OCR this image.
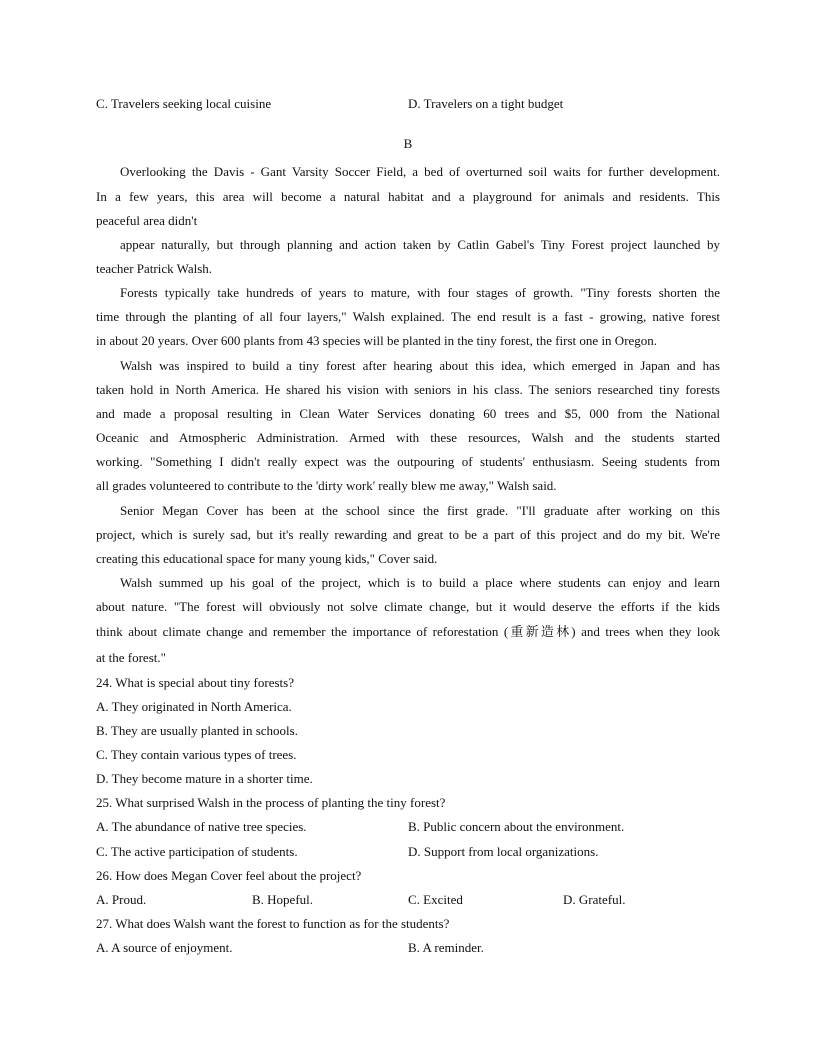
C. Travelers seeking local cuisine	D. Travelers on a tight budget
B
Overlooking the Davis - Gant Varsity Soccer Field, a bed of overturned soil waits for further development.
In a few years, this area will become a natural habitat and a playground for animals and residents. This
peaceful area didn't
appear naturally, but through planning and action taken by Catlin Gabel's Tiny Forest project launched by
teacher Patrick Walsh.
Forests typically take hundreds of years to mature, with four stages of growth. "Tiny forests shorten the
time through the planting of all four layers," Walsh explained. The end result is a fast - growing, native forest
in about 20 years. Over 600 plants from 43 species will be planted in the tiny forest, the first one in Oregon.
Walsh was inspired to build a tiny forest after hearing about this idea, which emerged in Japan and has
taken hold in North America. He shared his vision with seniors in his class. The seniors researched tiny forests
and made a proposal resulting in Clean Water Services donating 60 trees and $5, 000 from the National
Oceanic and Atmospheric Administration. Armed with these resources, Walsh and the students started
working. "Something I didn't really expect was the outpouring of students' enthusiasm. Seeing students from
all grades volunteered to contribute to the 'dirty work' really blew me away," Walsh said.
Senior Megan Cover has been at the school since the first grade. "I'll graduate after working on this
project, which is surely sad, but it's really rewarding and great to be a part of this project and do my bit. We're
creating this educational space for many young kids," Cover said.
Walsh summed up his goal of the project, which is to build a place where students can enjoy and learn
about nature. "The forest will obviously not solve climate change, but it would deserve the efforts if the kids
think about climate change and remember the importance of reforestation (重新造林) and trees when they look
at the forest."
24. What is special about tiny forests?
A. They originated in North America.
B. They are usually planted in schools.
C. They contain various types of trees.
D. They become mature in a shorter time.
25. What surprised Walsh in the process of planting the tiny forest?
A. The abundance of native tree species.	B. Public concern about the environment.
C. The active participation of students.	D. Support from local organizations.
26. How does Megan Cover feel about the project?
A. Proud.	B. Hopeful.	C. Excited	D. Grateful.
27. What does Walsh want the forest to function as for the students?
A. A source of enjoyment.	B. A reminder.
